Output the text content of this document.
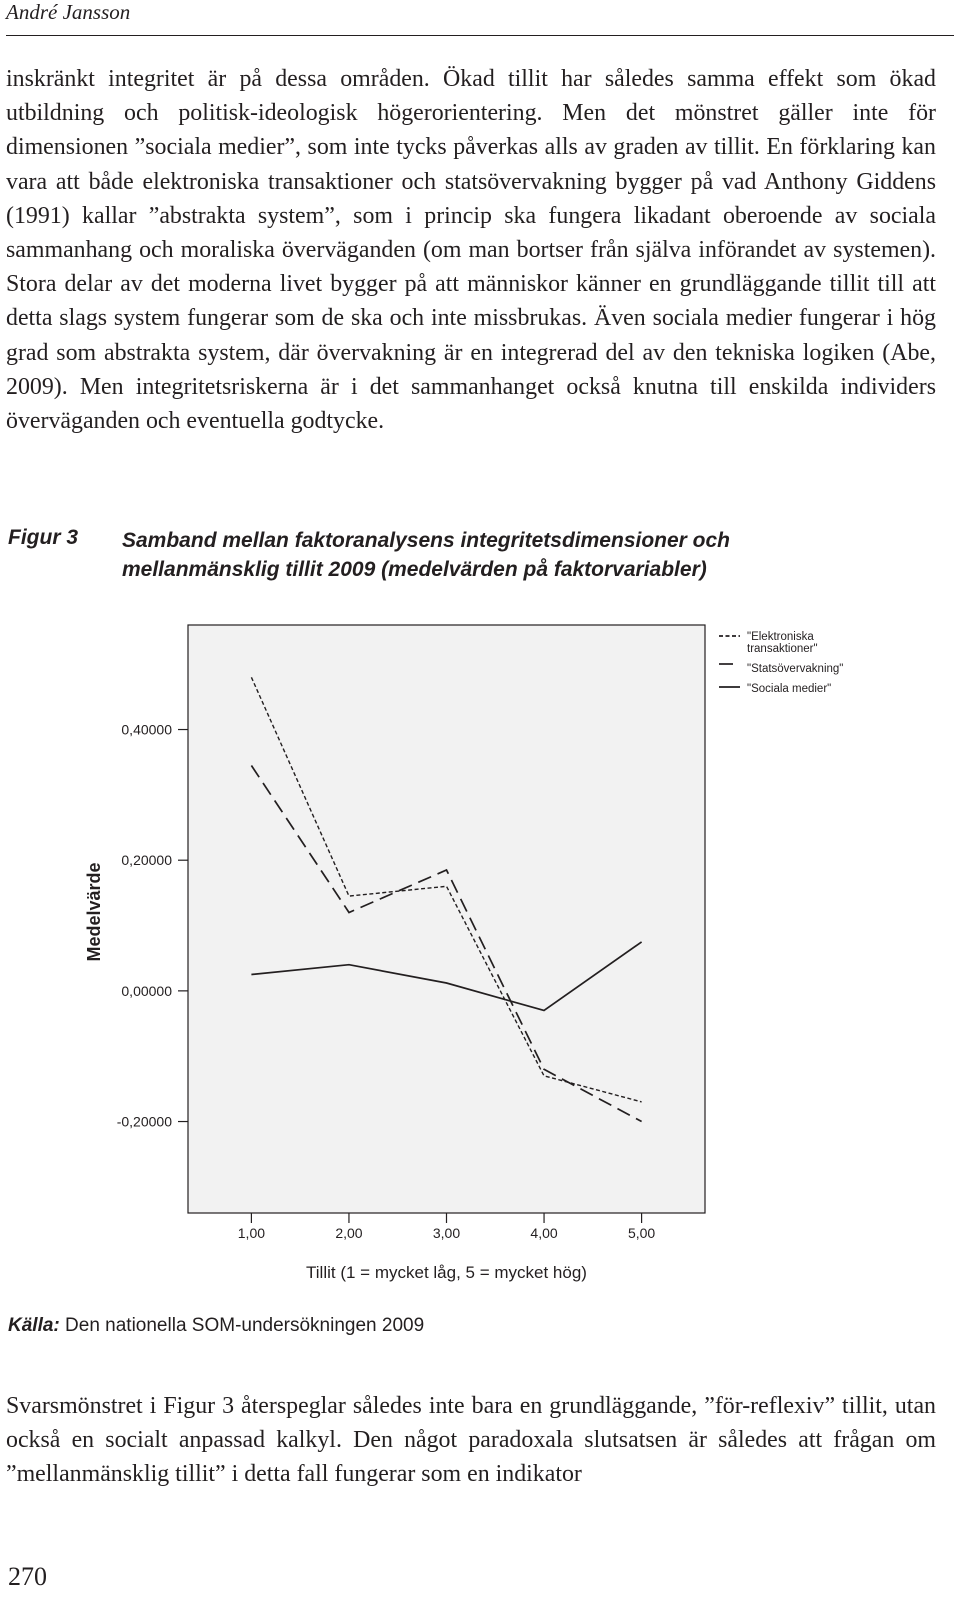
André Jansson

inskränkt integritet är på dessa områden. Ökad tillit har således samma effekt som ökad utbildning och politisk-ideologisk högerorientering. Men det mönstret gäller inte för dimensionen ”sociala medier”, som inte tycks påverkas alls av graden av tillit. En förklaring kan vara att både elektroniska transaktioner och statsövervakning bygger på vad Anthony Giddens (1991) kallar ”abstrakta system”, som i princip ska fungera likadant oberoende av sociala sammanhang och moraliska överväganden (om man bortser från själva införandet av systemen). Stora delar av det moderna livet bygger på att människor känner en grundläggande tillit till att detta slags system fungerar som de ska och inte missbrukas. Även sociala medier fungerar i hög grad som abstrakta system, där övervakning är en integrerad del av den tekniska logiken (Abe, 2009). Men integritetsriskerna är i det sammanhanget också knutna till enskilda individers överväganden och eventuella godtycke.

Figur 3 Samband mellan faktoranalysens integritetsdimensioner och mellanmänsklig tillit 2009 (medelvärden på faktorvariabler)
0,40000
0,20000
0,00000
-0,20000
1,00	2,00	3,00	4,00	5,00
Tillit (1 = mycket låg, 5 = mycket hög)
Medelvärde
"Elektroniska
transaktioner"
"Statsövervakning"
"Sociala medier"
Källa: Den nationella SOM-undersökningen 2009

Svarsmönstret i Figur 3 återspeglar således inte bara en grundläggande, ”för-reflexiv” tillit, utan också en socialt anpassad kalkyl. Den något paradoxala slutsatsen är således att frågan om ”mellanmänsklig tillit” i detta fall fungerar som en indikator

270
